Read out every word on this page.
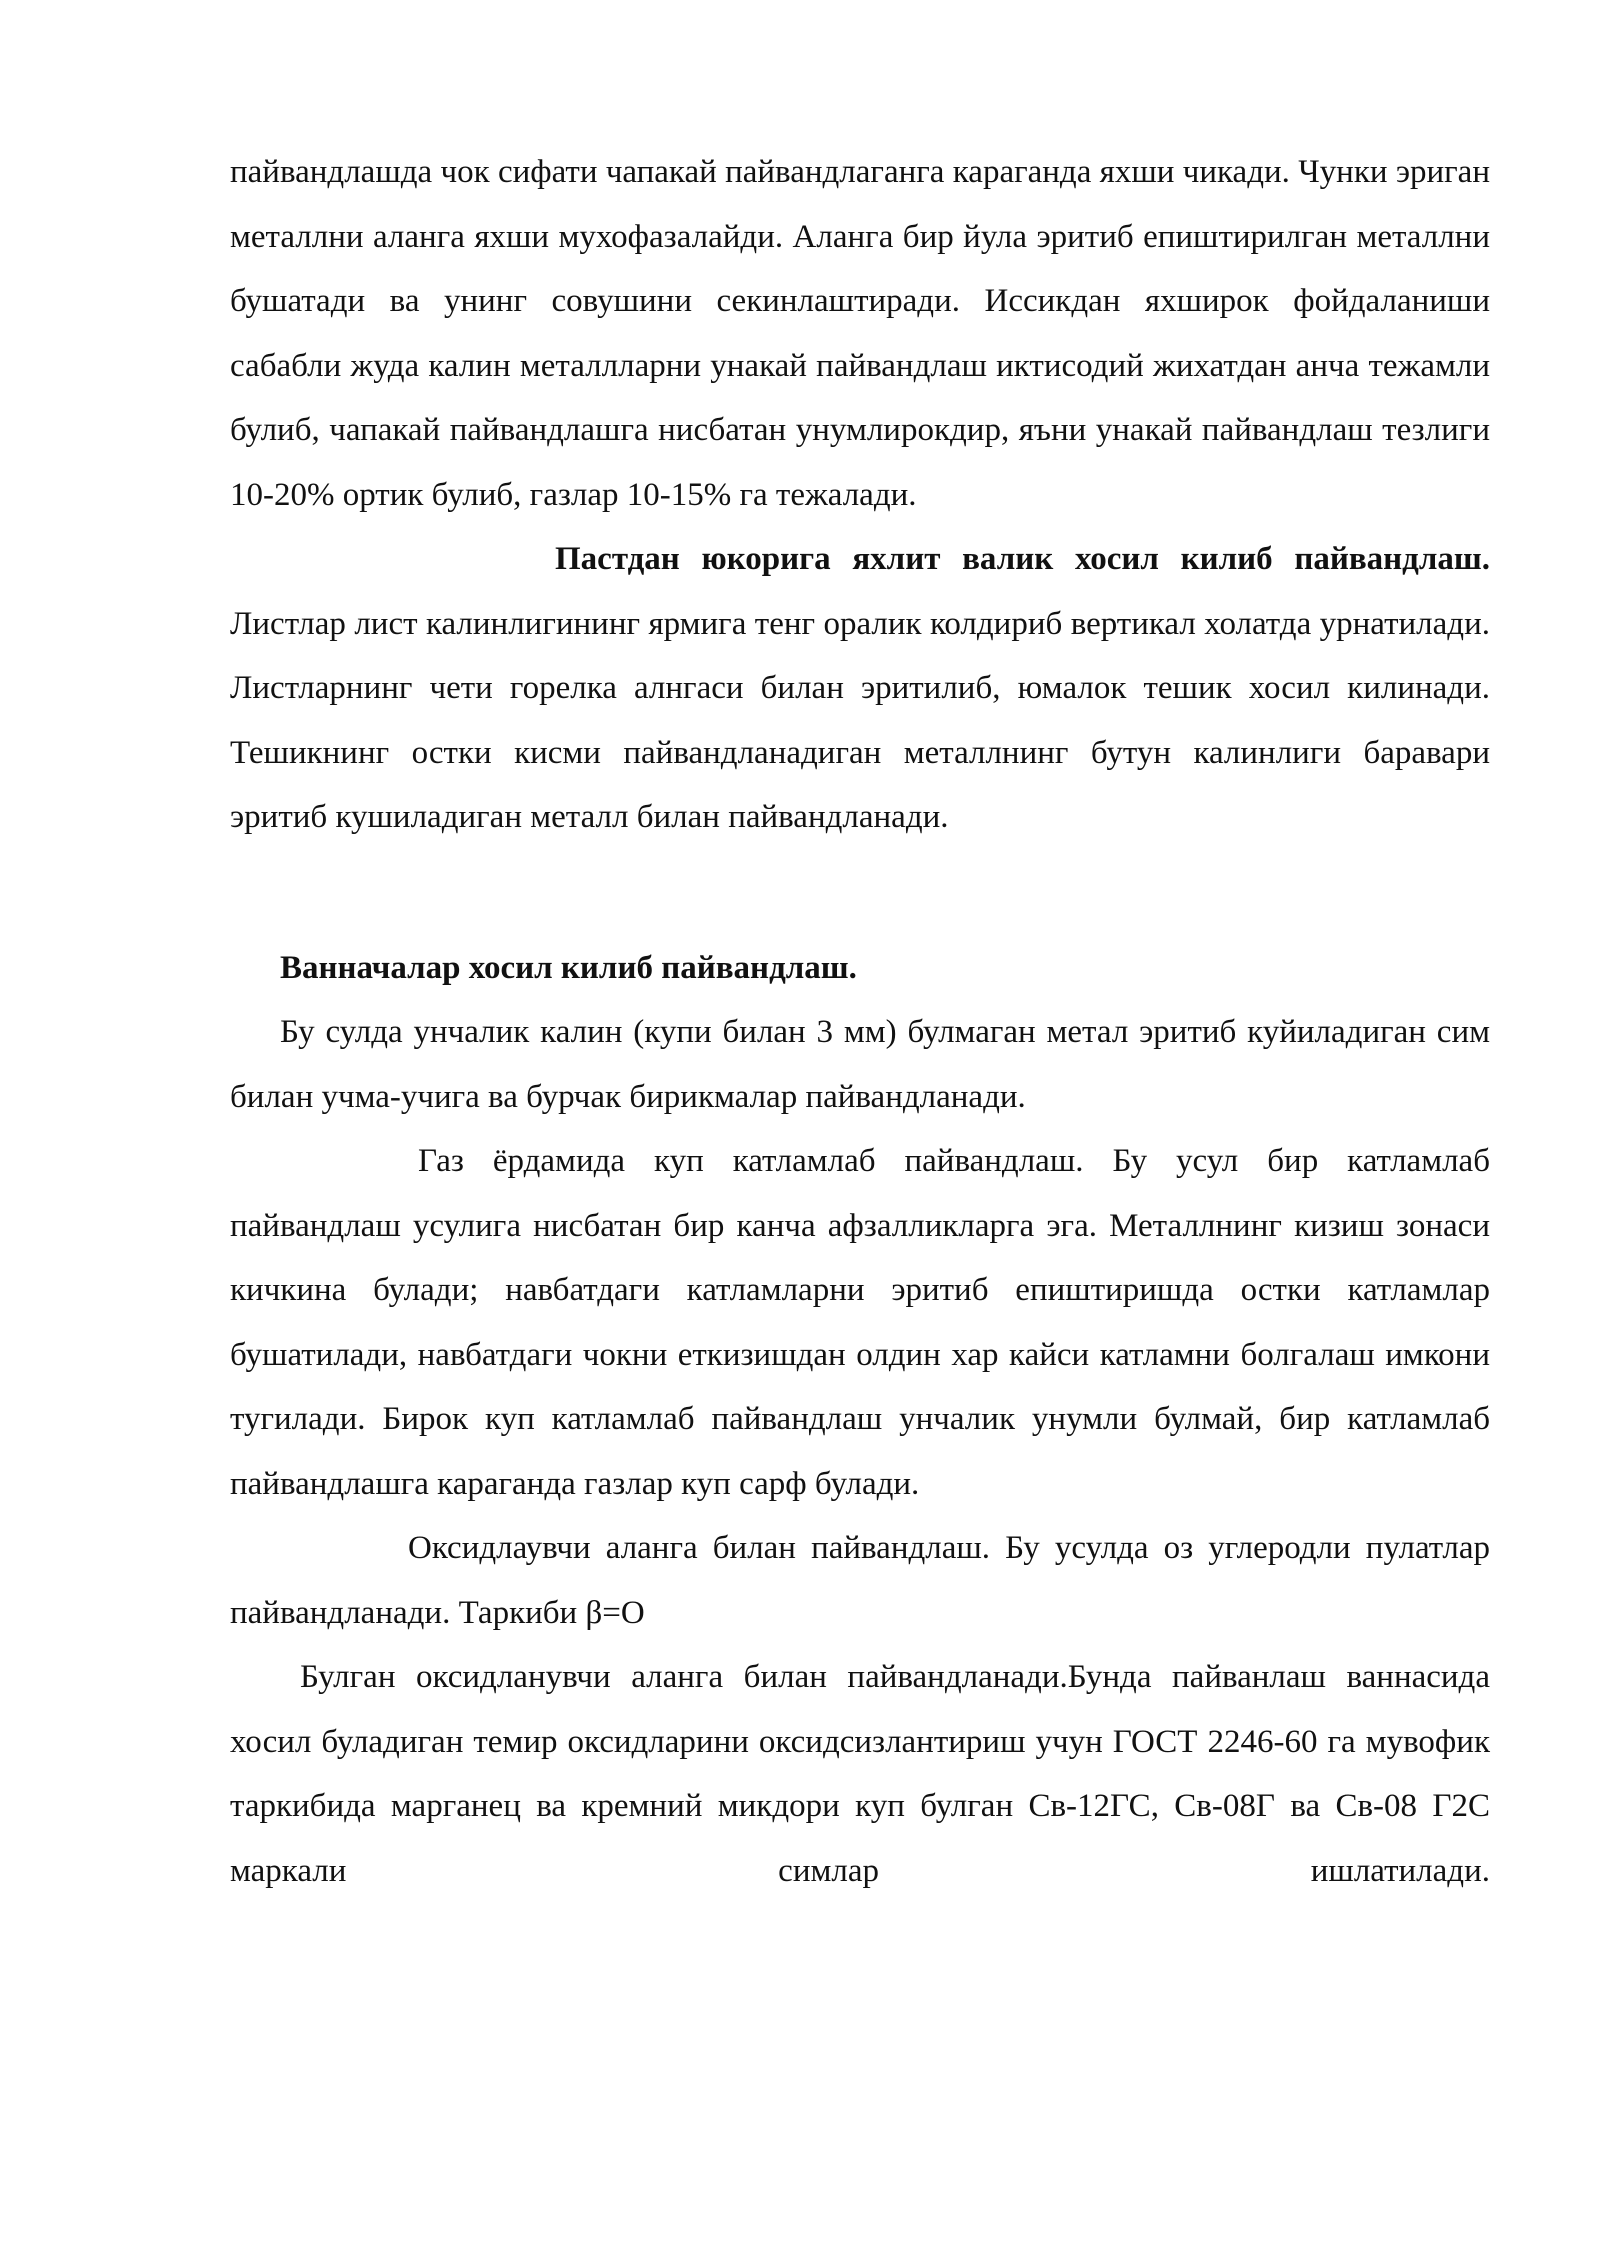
пайвандлашда чок сифати чапакай пайвандлаганга караганда яхши чикади. Чунки эриган металлни аланга яхши мухофазалайди. Аланга бир йула эритиб епиштирилган металлни бушатади ва унинг совушини секинлаштиради. Иссикдан яхширок фойдаланиши сабабли жуда калин металлларни унакай пайвандлаш иктисодий жихатдан анча тежамли булиб, чапакай пайвандлашга нисбатан унумлирокдир, яъни унакай пайвандлаш тезлиги 10-20% ортик булиб, газлар 10-15% га тежалади.

Пастдан юкорига яхлит валик хосил килиб пайвандлаш. Листлар лист калинлигининг ярмига тенг оралик колдириб вертикал холатда урнатилади. Листларнинг чети горелка алнгаси билан эритилиб, юмалок тешик хосил килинади. Тешикнинг остки кисми пайвандланадиган металлнинг бутун калинлиги баравари эритиб кушиладиган металл билан пайвандланади.

Ванначалар хосил килиб пайвандлаш.

Бу сулда унчалик калин (купи билан 3 мм) булмаган метал эритиб куйиладиган сим билан учма-учига ва бурчак бирикмалар пайвандланади.

Газ ёрдамида куп катламлаб пайвандлаш. Бу усул бир катламлаб пайвандлаш усулига нисбатан бир канча афзалликларга эга. Металлнинг кизиш зонаси кичкина булади; навбатдаги катламларни эритиб епиштиришда остки катламлар бушатилади, навбатдаги чокни еткизишдан олдин хар кайси катламни болгалаш имкони тугилади. Бирок куп катламлаб пайвандлаш унчалик унумли булмай, бир катламлаб пайвандлашга караганда газлар куп сарф булади.

Оксидлаувчи аланга билан пайвандлаш. Бу усулда оз углеродли пулатлар пайвандланади. Таркиби β=O

Булган оксидланувчи аланга билан пайвандланади.Бунда пайванлаш ваннасида хосил буладиган темир оксидларини оксидсизлантириш учун ГОСТ 2246-60 га мувофик таркибида марганец ва кремний микдори куп булган Св-12ГС, Св-08Г ва Св-08 Г2С маркали симлар ишлатилади.
